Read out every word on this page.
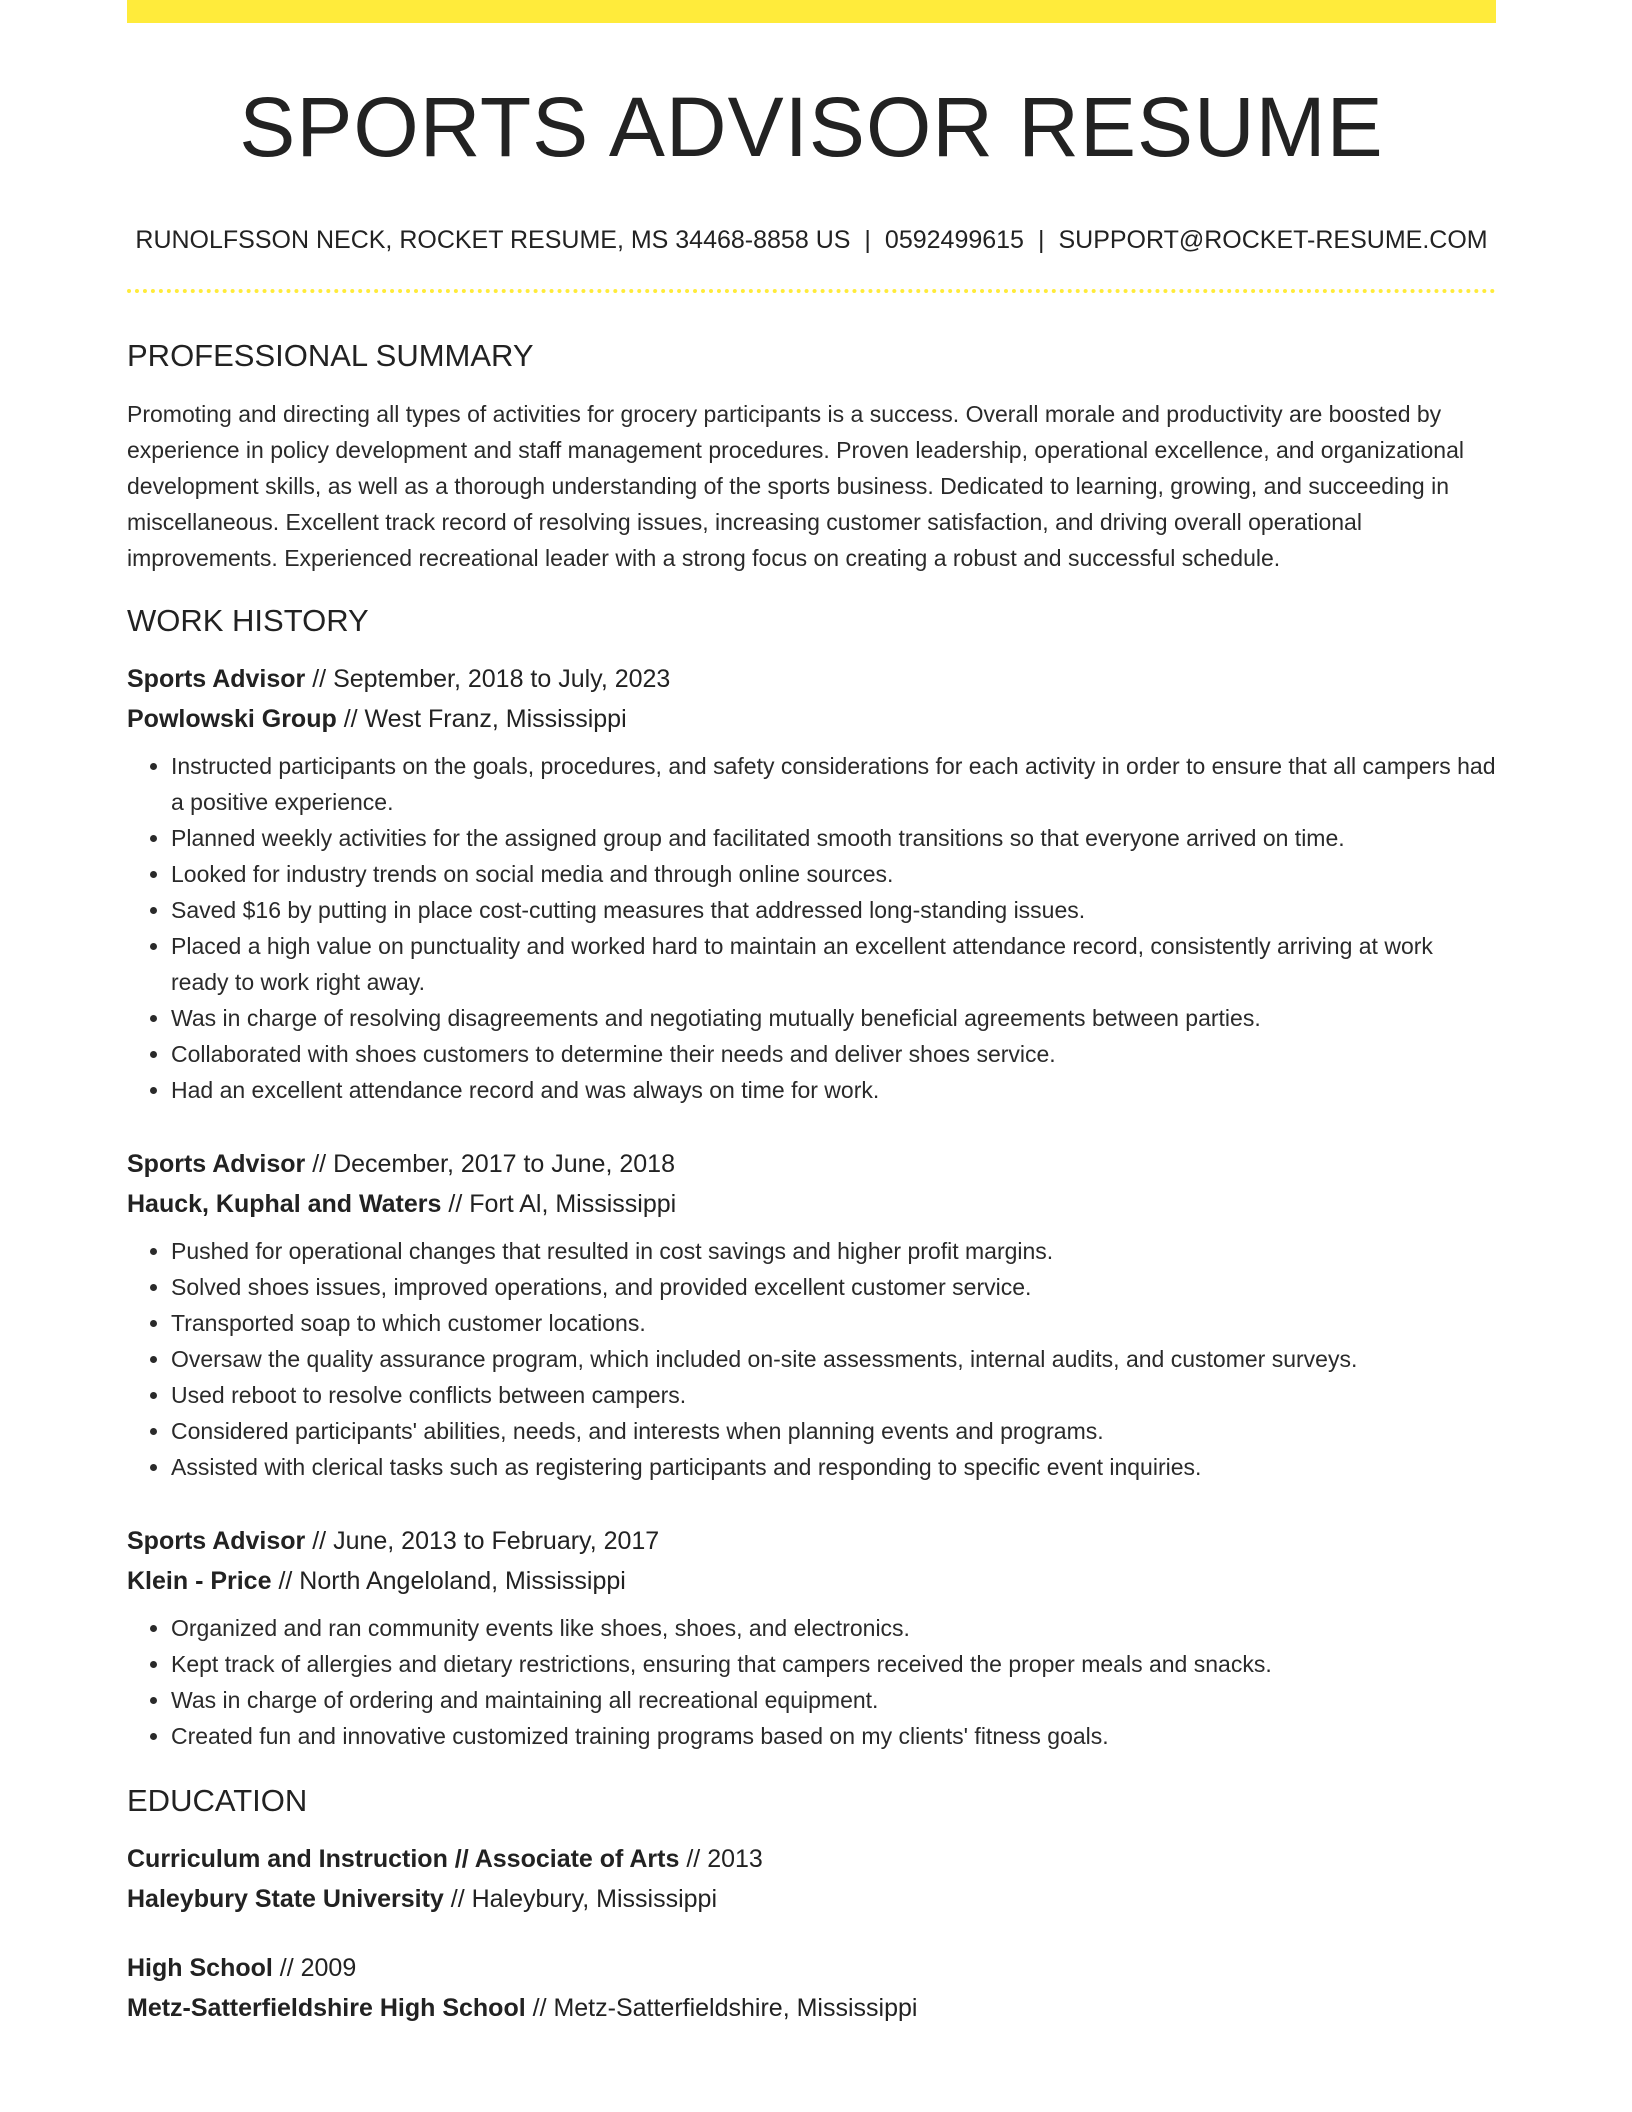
SPORTS ADVISOR RESUME
RUNOLFSSON NECK, ROCKET RESUME, MS 34468-8858 US | 0592499615 | SUPPORT@ROCKET-RESUME.COM
PROFESSIONAL SUMMARY
Promoting and directing all types of activities for grocery participants is a success. Overall morale and productivity are boosted by experience in policy development and staff management procedures. Proven leadership, operational excellence, and organizational development skills, as well as a thorough understanding of the sports business. Dedicated to learning, growing, and succeeding in miscellaneous. Excellent track record of resolving issues, increasing customer satisfaction, and driving overall operational improvements. Experienced recreational leader with a strong focus on creating a robust and successful schedule.
WORK HISTORY
Sports Advisor // September, 2018 to July, 2023
Powlowski Group // West Franz, Mississippi
• Instructed participants on the goals, procedures, and safety considerations for each activity in order to ensure that all campers had a positive experience.
• Planned weekly activities for the assigned group and facilitated smooth transitions so that everyone arrived on time.
• Looked for industry trends on social media and through online sources.
• Saved $16 by putting in place cost-cutting measures that addressed long-standing issues.
• Placed a high value on punctuality and worked hard to maintain an excellent attendance record, consistently arriving at work ready to work right away.
• Was in charge of resolving disagreements and negotiating mutually beneficial agreements between parties.
• Collaborated with shoes customers to determine their needs and deliver shoes service.
• Had an excellent attendance record and was always on time for work.
Sports Advisor // December, 2017 to June, 2018
Hauck, Kuphal and Waters // Fort Al, Mississippi
• Pushed for operational changes that resulted in cost savings and higher profit margins.
• Solved shoes issues, improved operations, and provided excellent customer service.
• Transported soap to which customer locations.
• Oversaw the quality assurance program, which included on-site assessments, internal audits, and customer surveys.
• Used reboot to resolve conflicts between campers.
• Considered participants' abilities, needs, and interests when planning events and programs.
• Assisted with clerical tasks such as registering participants and responding to specific event inquiries.
Sports Advisor // June, 2013 to February, 2017
Klein - Price // North Angeloland, Mississippi
• Organized and ran community events like shoes, shoes, and electronics.
• Kept track of allergies and dietary restrictions, ensuring that campers received the proper meals and snacks.
• Was in charge of ordering and maintaining all recreational equipment.
• Created fun and innovative customized training programs based on my clients' fitness goals.
EDUCATION
Curriculum and Instruction // Associate of Arts // 2013
Haleybury State University // Haleybury, Mississippi
High School // 2009
Metz-Satterfieldshire High School // Metz-Satterfieldshire, Mississippi
